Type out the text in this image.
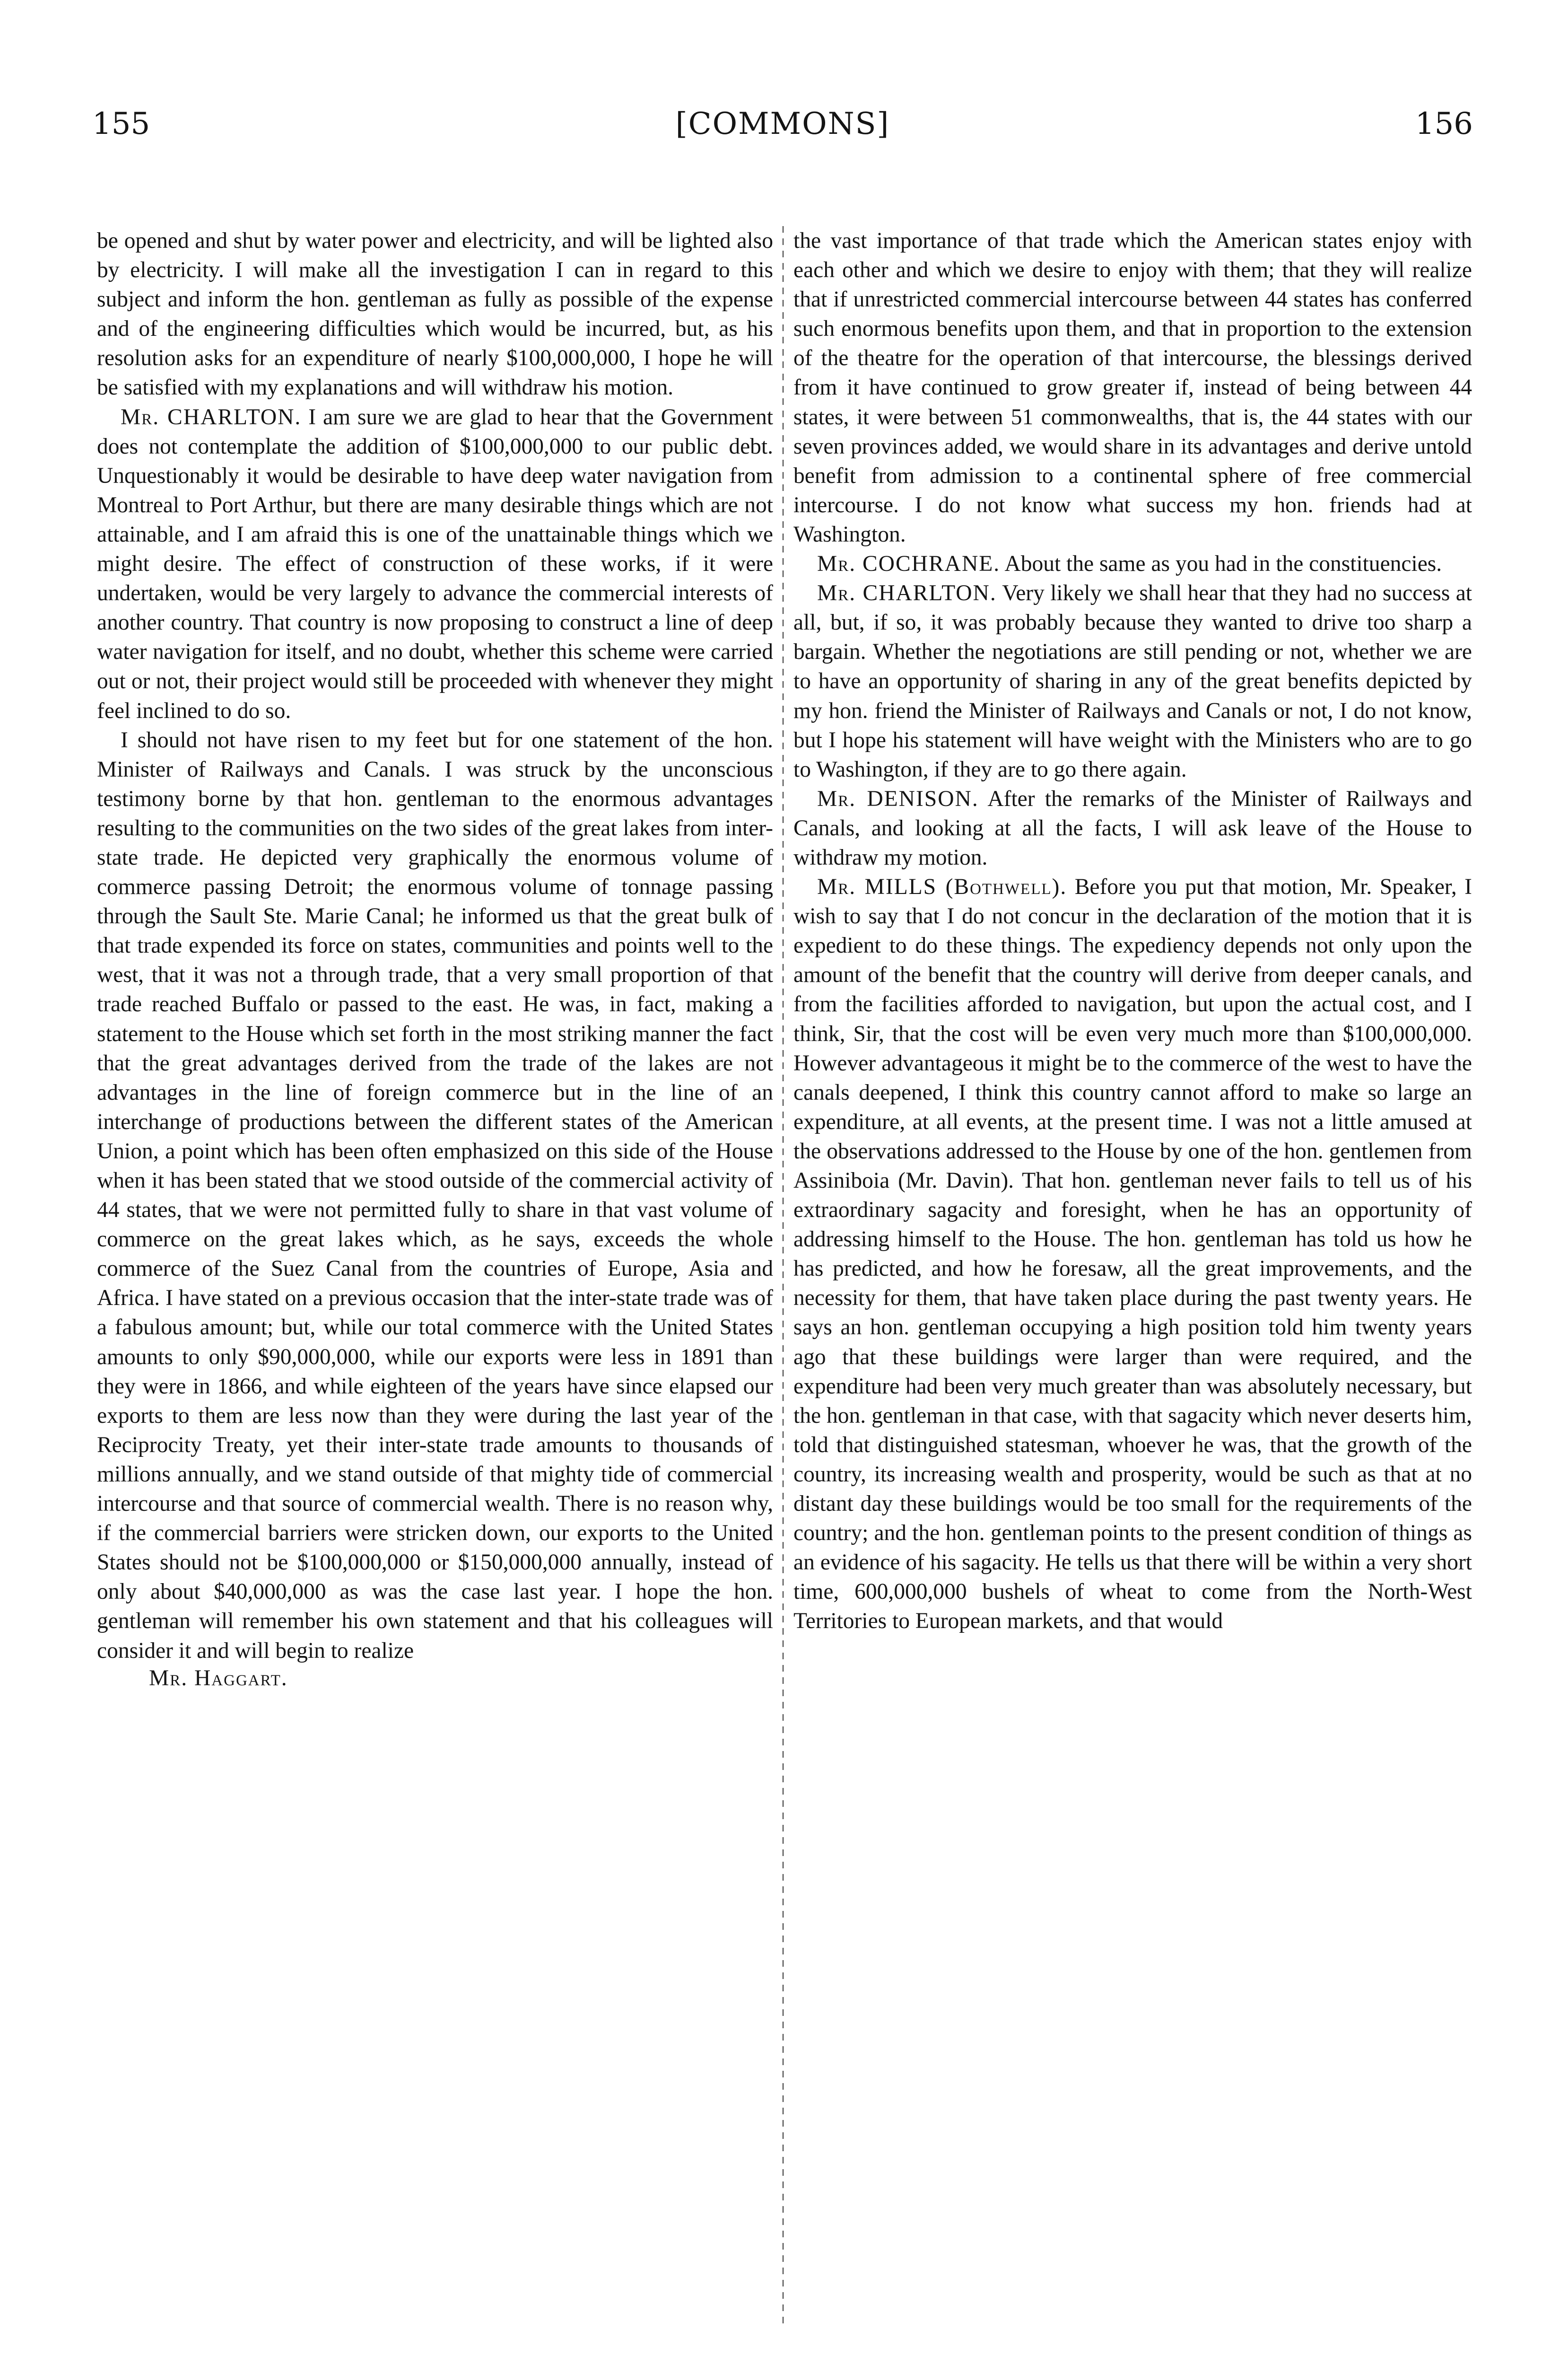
155	[COMMONS]	156

be opened and shut by water power and electricity, and will be lighted also by electricity. I will make all the investigation I can in regard to this subject and inform the hon. gentleman as fully as possible of the expense and of the engineering difficulties which would be incurred, but, as his resolution asks for an expenditure of nearly $100,000,000, I hope he will be satisfied with my explanations and will withdraw his motion.

Mr. CHARLTON. I am sure we are glad to hear that the Government does not contemplate the addition of $100,000,000 to our public debt. Unquestionably it would be desirable to have deep water navigation from Montreal to Port Arthur, but there are many desirable things which are not attainable, and I am afraid this is one of the unattainable things which we might desire. The effect of construction of these works, if it were undertaken, would be very largely to advance the commercial interests of another country. That country is now proposing to construct a line of deep water navigation for itself, and no doubt, whether this scheme were carried out or not, their project would still be proceeded with whenever they might feel inclined to do so.

I should not have risen to my feet but for one statement of the hon. Minister of Railways and Canals. I was struck by the unconscious testimony borne by that hon. gentleman to the enormous advantages resulting to the communities on the two sides of the great lakes from inter-state trade. He depicted very graphically the enormous volume of commerce passing Detroit; the enormous volume of tonnage passing through the Sault Ste. Marie Canal; he informed us that the great bulk of that trade expended its force on states, communities and points well to the west, that it was not a through trade, that a very small proportion of that trade reached Buffalo or passed to the east. He was, in fact, making a statement to the House which set forth in the most striking manner the fact that the great advantages derived from the trade of the lakes are not advantages in the line of foreign commerce but in the line of an interchange of productions between the different states of the American Union, a point which has been often emphasized on this side of the House when it has been stated that we stood outside of the commercial activity of 44 states, that we were not permitted fully to share in that vast volume of commerce on the great lakes which, as he says, exceeds the whole commerce of the Suez Canal from the countries of Europe, Asia and Africa. I have stated on a previous occasion that the inter-state trade was of a fabulous amount; but, while our total commerce with the United States amounts to only $90,000,000, while our exports were less in 1891 than they were in 1866, and while eighteen of the years have since elapsed our exports to them are less now than they were during the last year of the Reciprocity Treaty, yet their inter-state trade amounts to thousands of millions annually, and we stand outside of that mighty tide of commercial intercourse and that source of commercial wealth. There is no reason why, if the commercial barriers were stricken down, our exports to the United States should not be $100,000,000 or $150,000,000 annually, instead of only about $40,000,000 as was the case last year. I hope the hon. gentleman will remember his own statement and that his colleagues will consider it and will begin to realize

Mr. Haggart.

the vast importance of that trade which the American states enjoy with each other and which we desire to enjoy with them; that they will realize that if unrestricted commercial intercourse between 44 states has conferred such enormous benefits upon them, and that in proportion to the extension of the theatre for the operation of that intercourse, the blessings derived from it have continued to grow greater if, instead of being between 44 states, it were between 51 commonwealths, that is, the 44 states with our seven provinces added, we would share in its advantages and derive untold benefit from admission to a continental sphere of free commercial intercourse. I do not know what success my hon. friends had at Washington.

Mr. COCHRANE. About the same as you had in the constituencies.

Mr. CHARLTON. Very likely we shall hear that they had no success at all, but, if so, it was probably because they wanted to drive too sharp a bargain. Whether the negotiations are still pending or not, whether we are to have an opportunity of sharing in any of the great benefits depicted by my hon. friend the Minister of Railways and Canals or not, I do not know, but I hope his statement will have weight with the Ministers who are to go to Washington, if they are to go there again.

Mr. DENISON. After the remarks of the Minister of Railways and Canals, and looking at all the facts, I will ask leave of the House to withdraw my motion.

Mr. MILLS (Bothwell). Before you put that motion, Mr. Speaker, I wish to say that I do not concur in the declaration of the motion that it is expedient to do these things. The expediency depends not only upon the amount of the benefit that the country will derive from deeper canals, and from the facilities afforded to navigation, but upon the actual cost, and I think, Sir, that the cost will be even very much more than $100,000,000. However advantageous it might be to the commerce of the west to have the canals deepened, I think this country cannot afford to make so large an expenditure, at all events, at the present time. I was not a little amused at the observations addressed to the House by one of the hon. gentlemen from Assiniboia (Mr. Davin). That hon. gentleman never fails to tell us of his extraordinary sagacity and foresight, when he has an opportunity of addressing himself to the House. The hon. gentleman has told us how he has predicted, and how he foresaw, all the great improvements, and the necessity for them, that have taken place during the past twenty years. He says an hon. gentleman occupying a high position told him twenty years ago that these buildings were larger than were required, and the expenditure had been very much greater than was absolutely necessary, but the hon. gentleman in that case, with that sagacity which never deserts him, told that distinguished statesman, whoever he was, that the growth of the country, its increasing wealth and prosperity, would be such as that at no distant day these buildings would be too small for the requirements of the country; and the hon. gentleman points to the present condition of things as an evidence of his sagacity. He tells us that there will be within a very short time, 600,000,000 bushels of wheat to come from the North-West Territories to European markets, and that would
